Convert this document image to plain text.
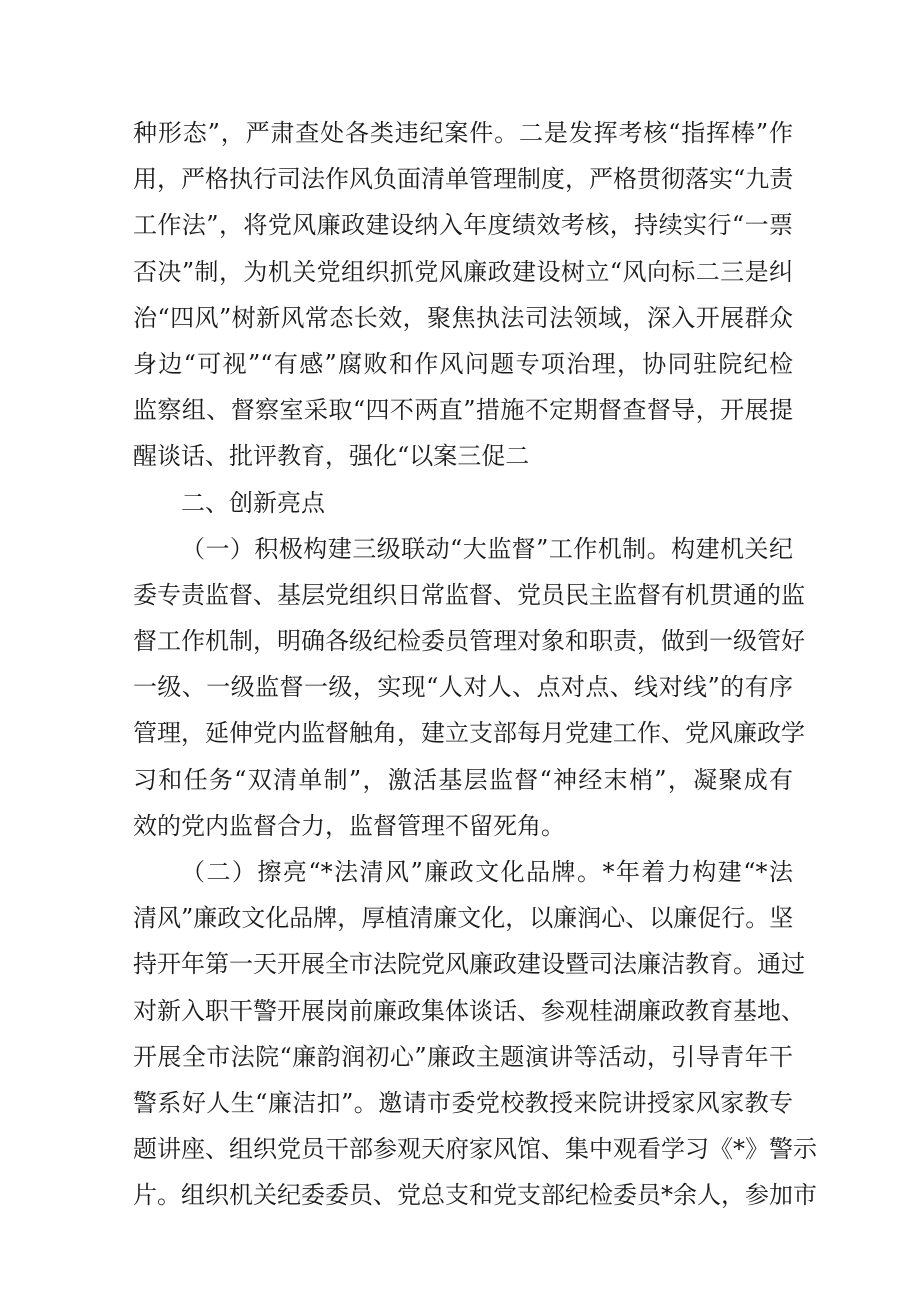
种形态”，严肃查处各类违纪案件。二是发挥考核“指挥棒”作
用，严格执行司法作风负面清单管理制度，严格贯彻落实“九责
工作法”，将党风廉政建设纳入年度绩效考核，持续实行“一票
否决”制，为机关党组织抓党风廉政建设树立“风向标二三是纠
治“四风”树新风常态长效，聚焦执法司法领域，深入开展群众
身边“可视”“有感”腐败和作风问题专项治理，协同驻院纪检
监察组、督察室采取“四不两直”措施不定期督查督导，开展提
醒谈话、批评教育，强化“以案三促二
二、创新亮点
（一）积极构建三级联动“大监督”工作机制。构建机关纪
委专责监督、基层党组织日常监督、党员民主监督有机贯通的监
督工作机制，明确各级纪检委员管理对象和职责，做到一级管好
一级、一级监督一级，实现“人对人、点对点、线对线”的有序
管理，延伸党内监督触角，建立支部每月党建工作、党风廉政学
习和任务“双清单制”，激活基层监督“神经末梢”，凝聚成有
效的党内监督合力，监督管理不留死角。
（二）擦亮“*法清风”廉政文化品牌。*年着力构建“*法
清风”廉政文化品牌，厚植清廉文化，以廉润心、以廉促行。坚
持开年第一天开展全市法院党风廉政建设暨司法廉洁教育。通过
对新入职干警开展岗前廉政集体谈话、参观桂湖廉政教育基地、
开展全市法院“廉韵润初心”廉政主题演讲等活动，引导青年干
警系好人生“廉洁扣”。邀请市委党校教授来院讲授家风家教专
题讲座、组织党员干部参观天府家风馆、集中观看学习《*》警示
片。组织机关纪委委员、党总支和党支部纪检委员*余人，参加市
